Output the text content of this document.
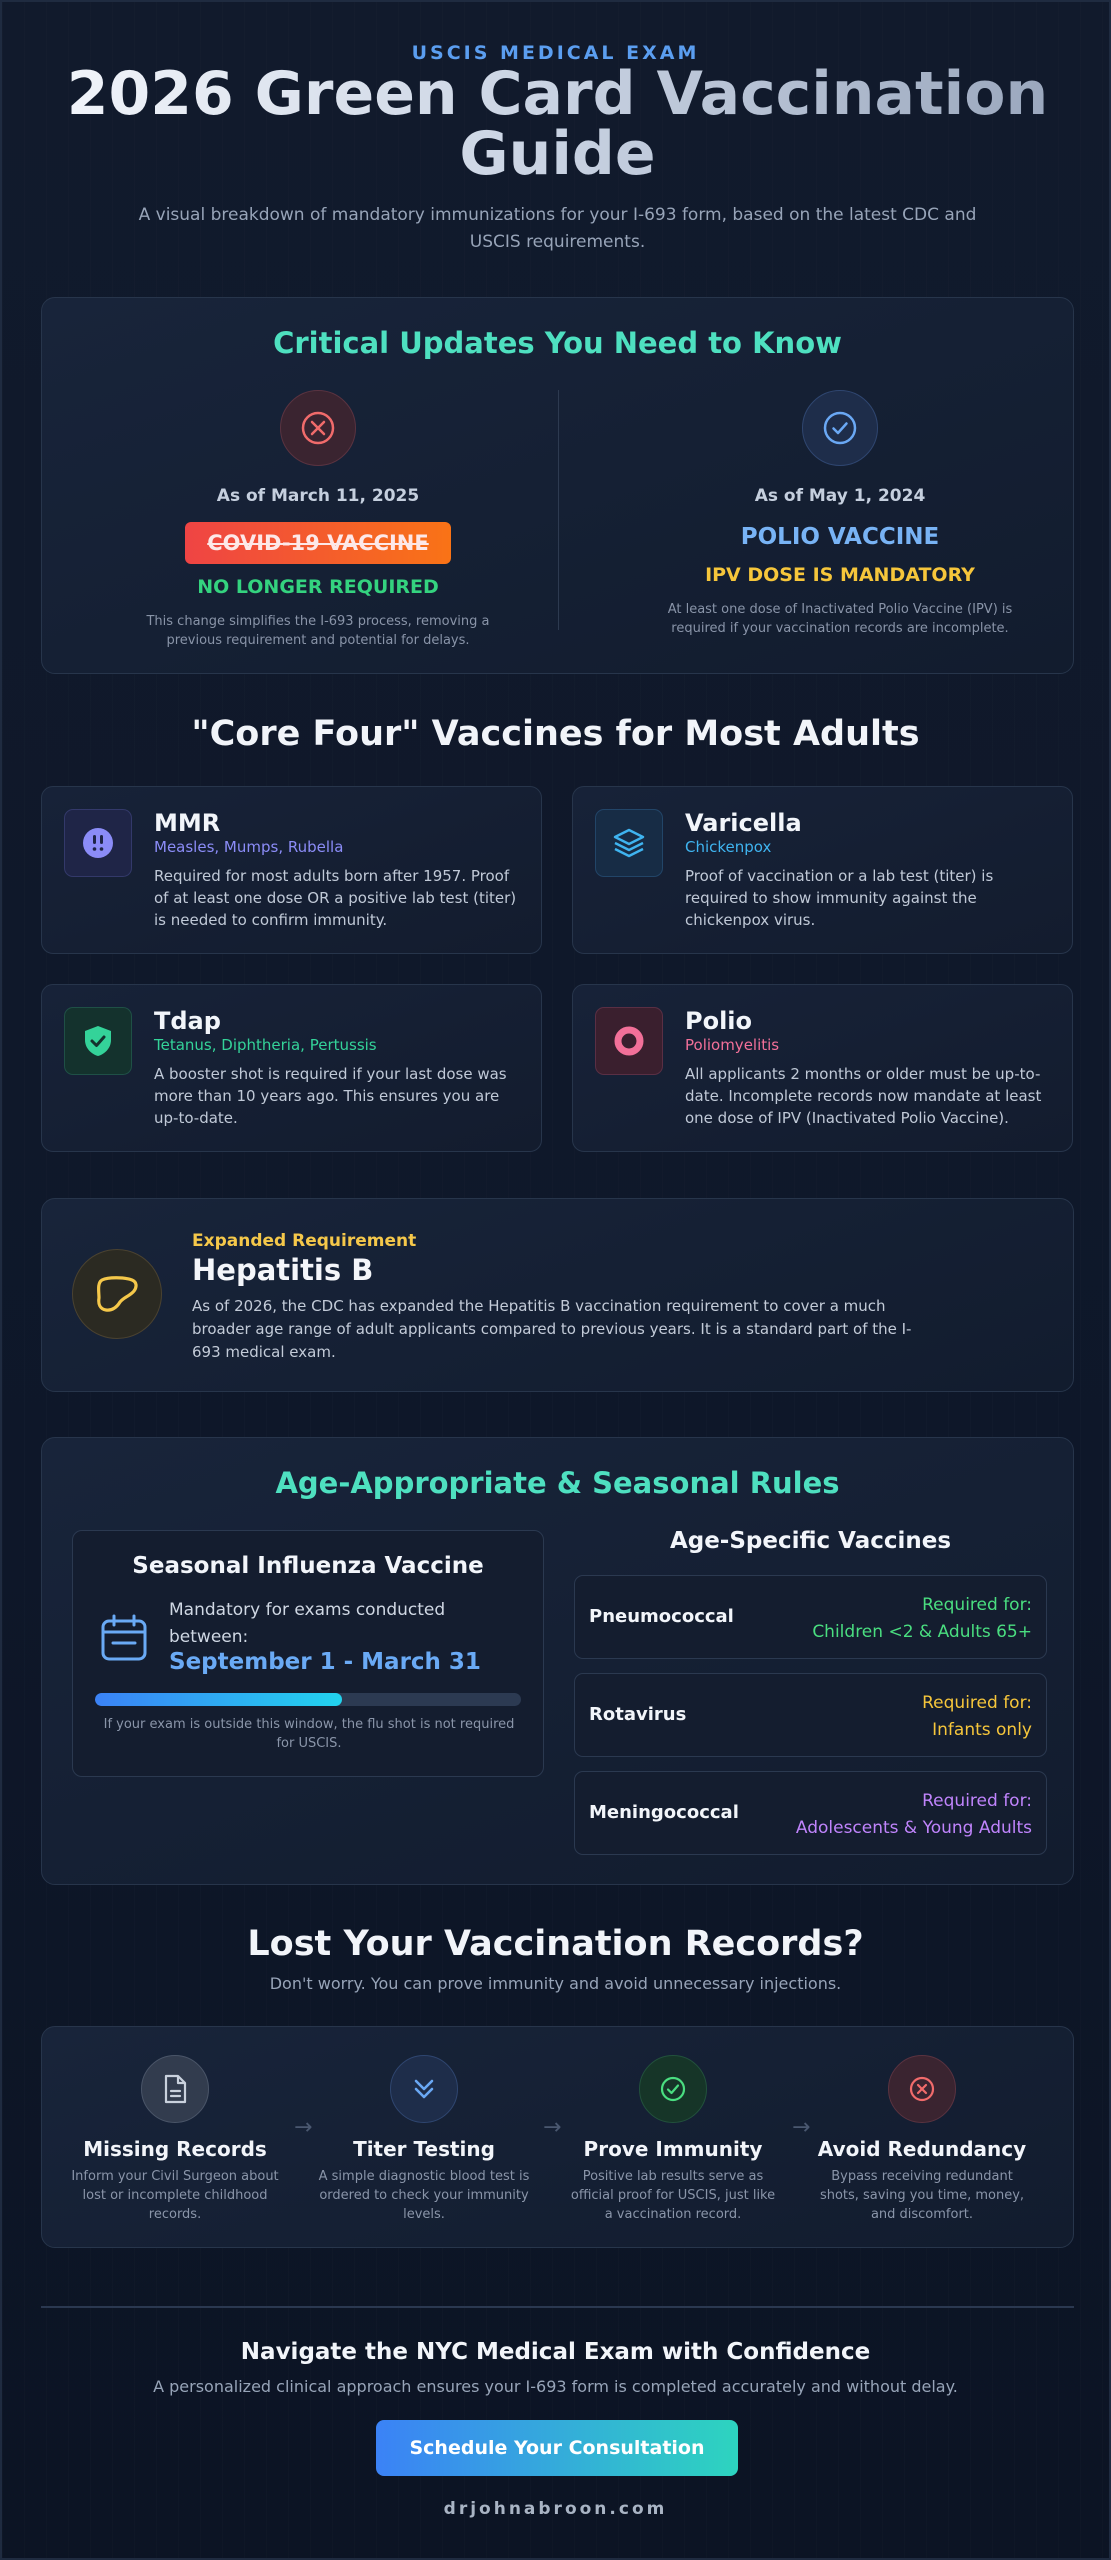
USCIS MEDICAL EXAM
2026 Green Card Vaccination Guide
A visual breakdown of mandatory immunizations for your I-693 form, based on the latest CDC and USCIS requirements.
Critical Updates You Need to Know
As of March 11, 2025
COVID-19 VACCINE
NO LONGER REQUIRED
This change simplifies the I-693 process, removing a previous requirement and potential for delays.
As of May 1, 2024
POLIO VACCINE
IPV DOSE IS MANDATORY
At least one dose of Inactivated Polio Vaccine (IPV) is required if your vaccination records are incomplete.
"Core Four" Vaccines for Most Adults
MMR
Measles, Mumps, Rubella
Required for most adults born after 1957. Proof of at least one dose OR a positive lab test (titer) is needed to confirm immunity.
Varicella
Chickenpox
Proof of vaccination or a lab test (titer) is required to show immunity against the chickenpox virus.
Tdap
Tetanus, Diphtheria, Pertussis
A booster shot is required if your last dose was more than 10 years ago. This ensures you are up-to-date.
Polio
Poliomyelitis
All applicants 2 months or older must be up-to-date. Incomplete records now mandate at least one dose of IPV (Inactivated Polio Vaccine).
Expanded Requirement
Hepatitis B
As of 2026, the CDC has expanded the Hepatitis B vaccination requirement to cover a much broader age range of adult applicants compared to previous years. It is a standard part of the I-693 medical exam.
Age-Appropriate & Seasonal Rules
Seasonal Influenza Vaccine
Mandatory for exams conducted between:
September 1 - March 31
If your exam is outside this window, the flu shot is not required for USCIS.
Age-Specific Vaccines
Pneumococcal
Required for:
Children <2 & Adults 65+
Rotavirus
Required for:
Infants only
Meningococcal
Required for:
Adolescents & Young Adults
Lost Your Vaccination Records?
Don't worry. You can prove immunity and avoid unnecessary injections.
Missing Records
Inform your Civil Surgeon about lost or incomplete childhood records.
→
Titer Testing
A simple diagnostic blood test is ordered to check your immunity levels.
→
Prove Immunity
Positive lab results serve as official proof for USCIS, just like a vaccination record.
→
Avoid Redundancy
Bypass receiving redundant shots, saving you time, money, and discomfort.
Navigate the NYC Medical Exam with Confidence
A personalized clinical approach ensures your I-693 form is completed accurately and without delay.
Schedule Your Consultation
drjohnabroon.com
